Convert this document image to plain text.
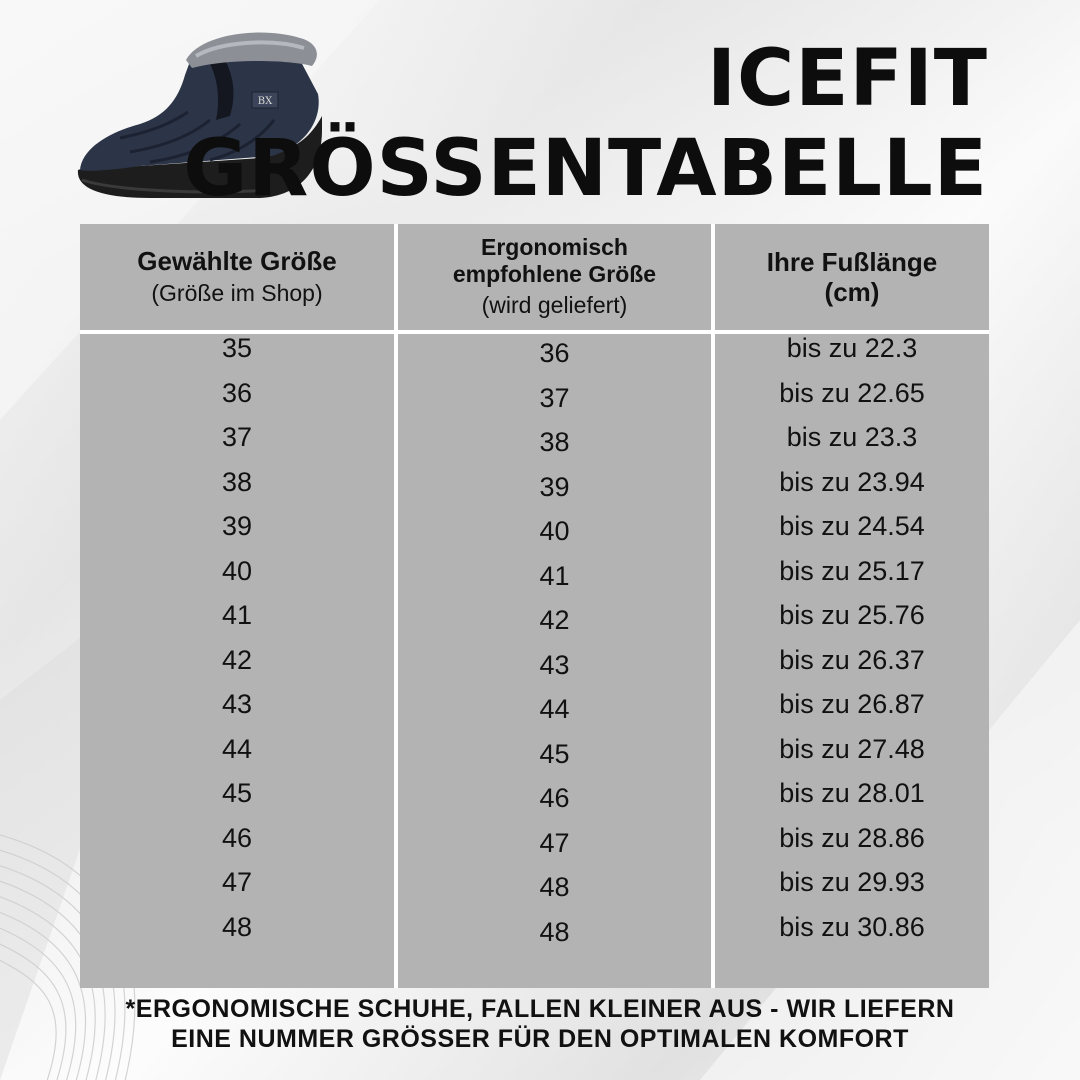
BX	ICEFIT
GRÖSSENTABELLE
Gewählte Größe
(Größe im Shop)
35
36
37
38
39
40
41
42
43
44
45
46
47
48
Ergonomisch
empfohlene Größe
(wird geliefert)
36
37
38
39
40
41
42
43
44
45
46
47
48
48
Ihre Fußlänge
(cm)
bis zu 22.3
bis zu 22.65
bis zu 23.3
bis zu 23.94
bis zu 24.54
bis zu 25.17
bis zu 25.76
bis zu 26.37
bis zu 26.87
bis zu 27.48
bis zu 28.01
bis zu 28.86
bis zu 29.93
bis zu 30.86
*ERGONOMISCHE SCHUHE, FALLEN KLEINER AUS - WIR LIEFERN
EINE NUMMER GRÖSSER FÜR DEN OPTIMALEN KOMFORT
